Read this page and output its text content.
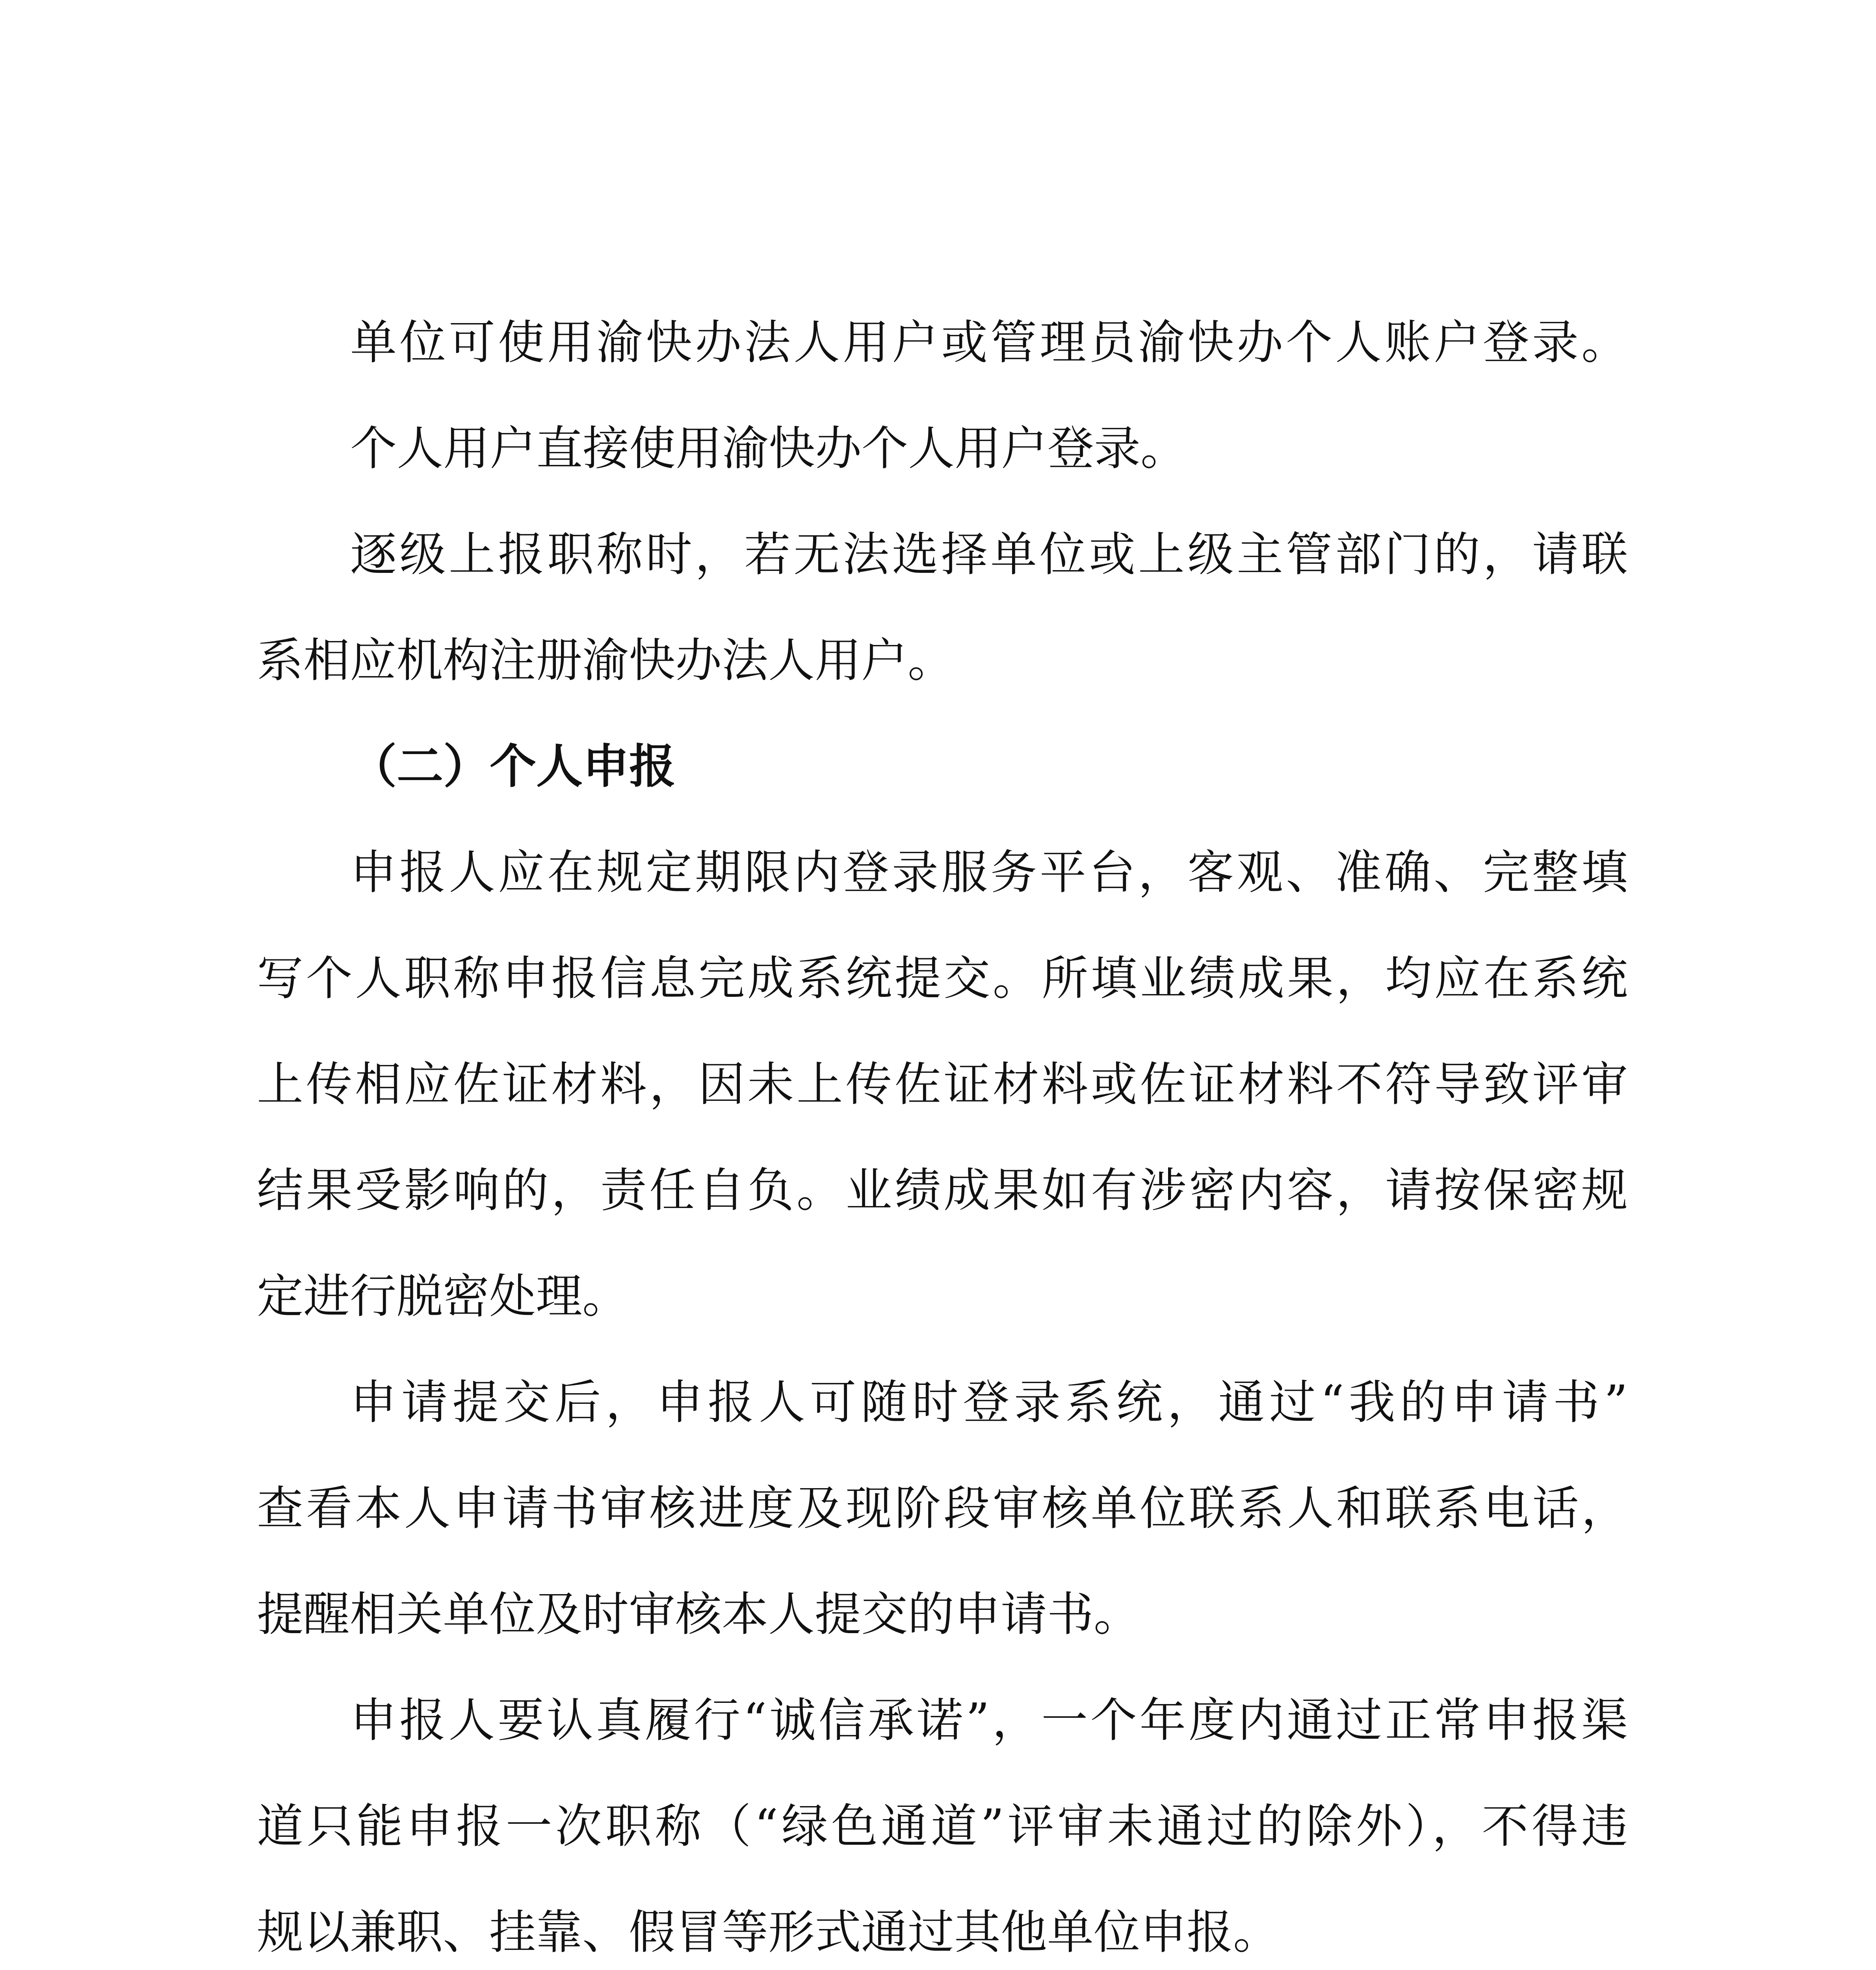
单位可使用渝快办法人用户或管理员渝快办个人账户登录。
个人用户直接使用渝快办个人用户登录。
逐级上报职称时，若无法选择单位或上级主管部门的，请联
系相应机构注册渝快办法人用户。
（二）个人申报
申报人应在规定期限内登录服务平台，客观、准确、完整填
写个人职称申报信息完成系统提交。所填业绩成果，均应在系统
上传相应佐证材料，因未上传佐证材料或佐证材料不符导致评审
结果受影响的，责任自负。业绩成果如有涉密内容，请按保密规
定进行脱密处理。
申请提交后，申报人可随时登录系统，通过“我的申请书”
查看本人申请书审核进度及现阶段审核单位联系人和联系电话，
提醒相关单位及时审核本人提交的申请书。
申报人要认真履行“诚信承诺”，一个年度内通过正常申报渠
道只能申报一次职称（“绿色通道”评审未通过的除外），不得违
规以兼职、挂靠、假冒等形式通过其他单位申报。
